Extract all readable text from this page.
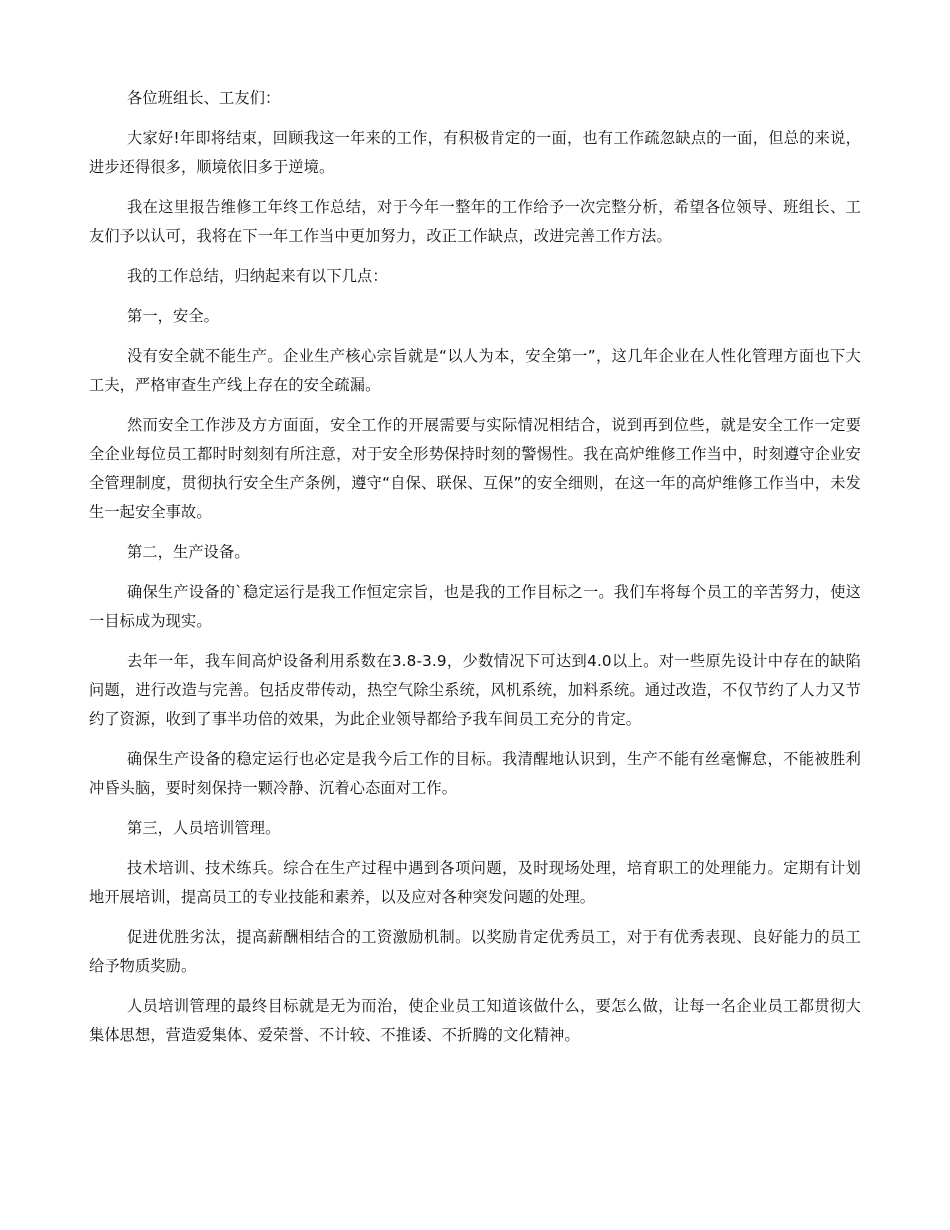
各位班组长、工友们：

大家好!年即将结束，回顾我这一年来的工作，有积极肯定的一面，也有工作疏忽缺点的一面，但总的来说，进步还得很多，顺境依旧多于逆境。

我在这里报告维修工年终工作总结，对于今年一整年的工作给予一次完整分析，希望各位领导、班组长、工友们予以认可，我将在下一年工作当中更加努力，改正工作缺点，改进完善工作方法。

我的工作总结，归纳起来有以下几点：

第一，安全。

没有安全就不能生产。企业生产核心宗旨就是“以人为本，安全第一”，这几年企业在人性化管理方面也下大工夫，严格审查生产线上存在的安全疏漏。

然而安全工作涉及方方面面，安全工作的开展需要与实际情况相结合，说到再到位些，就是安全工作一定要全企业每位员工都时时刻刻有所注意，对于安全形势保持时刻的警惕性。我在高炉维修工作当中，时刻遵守企业安全管理制度，贯彻执行安全生产条例，遵守“自保、联保、互保”的安全细则，在这一年的高炉维修工作当中，未发生一起安全事故。

第二，生产设备。

确保生产设备的`稳定运行是我工作恒定宗旨，也是我的工作目标之一。我们车将每个员工的辛苦努力，使这一目标成为现实。

去年一年，我车间高炉设备利用系数在3.8-3.9，少数情况下可达到4.0以上。对一些原先设计中存在的缺陷问题，进行改造与完善。包括皮带传动，热空气除尘系统，风机系统，加料系统。通过改造，不仅节约了人力又节约了资源，收到了事半功倍的效果，为此企业领导都给予我车间员工充分的肯定。

确保生产设备的稳定运行也必定是我今后工作的目标。我清醒地认识到，生产不能有丝毫懈怠，不能被胜利冲昏头脑，要时刻保持一颗冷静、沉着心态面对工作。

第三，人员培训管理。

技术培训、技术练兵。综合在生产过程中遇到各项问题，及时现场处理，培育职工的处理能力。定期有计划地开展培训，提高员工的专业技能和素养，以及应对各种突发问题的处理。

促进优胜劣汰，提高薪酬相结合的工资激励机制。以奖励肯定优秀员工，对于有优秀表现、良好能力的员工给予物质奖励。

人员培训管理的最终目标就是无为而治，使企业员工知道该做什么，要怎么做，让每一名企业员工都贯彻大集体思想，营造爱集体、爱荣誉、不计较、不推诿、不折腾的文化精神。
